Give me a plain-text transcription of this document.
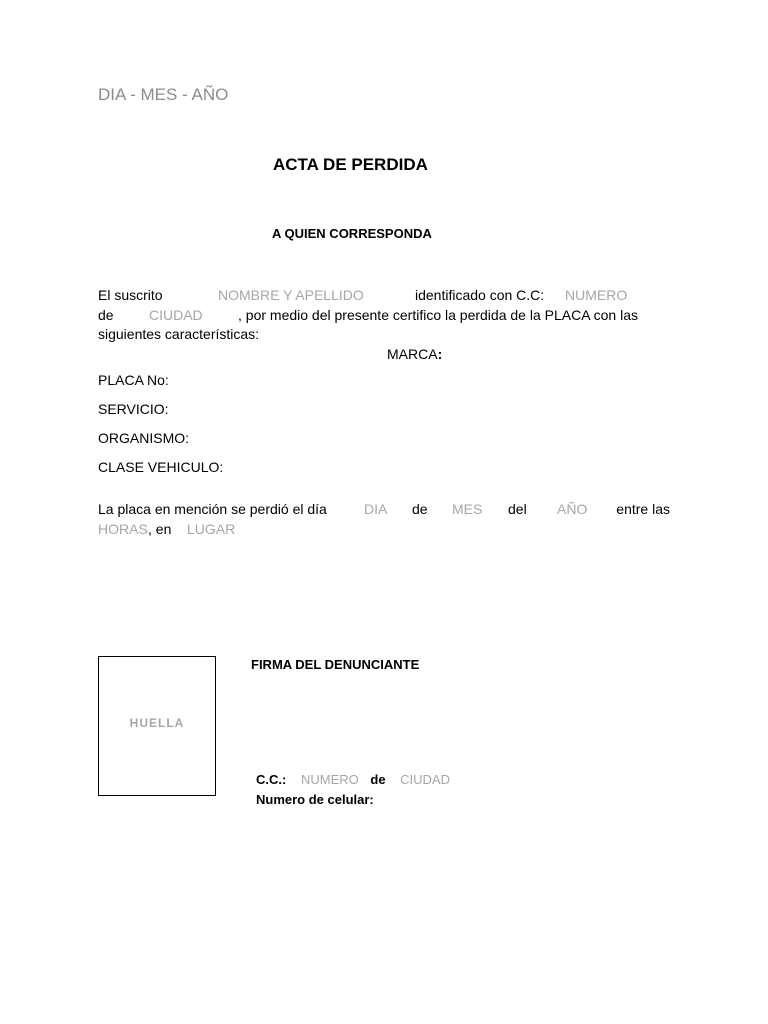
DIA - MES - AÑO
ACTA DE PERDIDA
A QUIEN CORRESPONDA
El suscrito	NOMBRE Y APELLIDO	identificado con C.C: NUMERO
de	CIUDAD	, por medio del presente certifico la perdida de la PLACA con las
siguientes características:
MARCA:
PLACA No:
SERVICIO:
ORGANISMO:
CLASE VEHICULO:
La placa en mención se perdió el día	DIA de MES del AÑO entre las
HORAS , en LUGAR
HUELLA
FIRMA DEL DENUNCIANTE
C.C.: NUMERO de CIUDAD
Numero de celular:
